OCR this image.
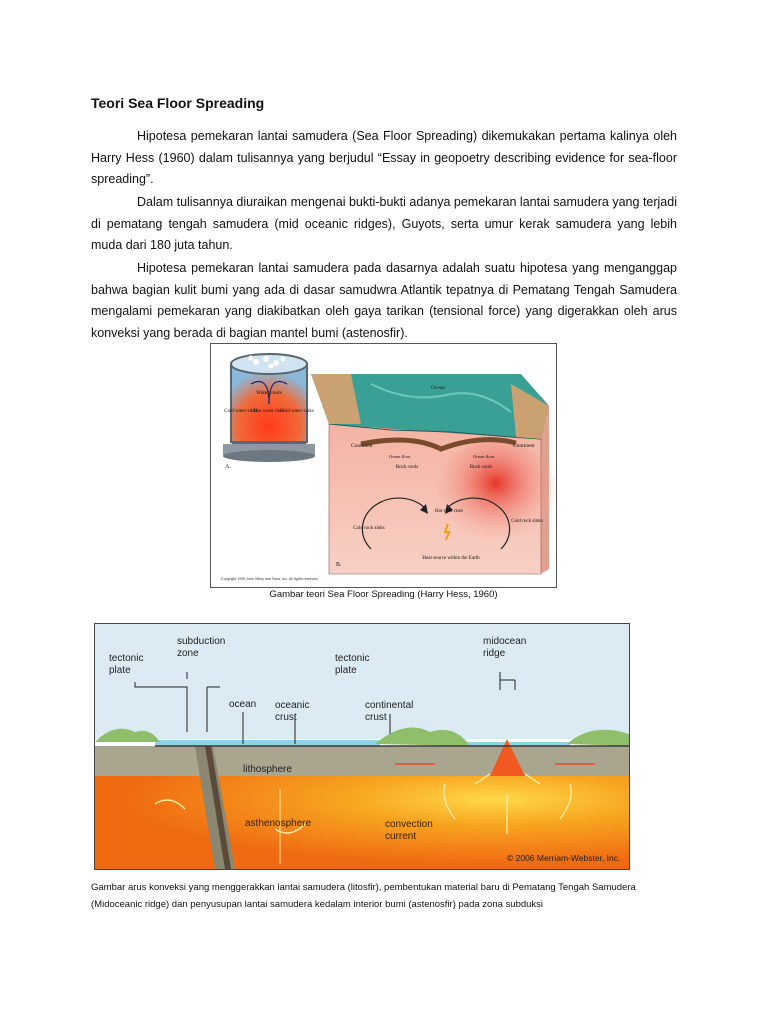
Teori Sea Floor Spreading

Hipotesa pemekaran lantai samudera (Sea Floor Spreading) dikemukakan pertama kalinya oleh Harry Hess (1960) dalam tulisannya yang berjudul “Essay in geopoetry describing evidence for sea-floor spreading”.

Dalam tulisannya diuraikan mengenai bukti-bukti adanya pemekaran lantai samudera yang terjadi di pematang tengah samudera (mid oceanic ridges), Guyots, serta umur kerak samudera yang lebih muda dari 180 juta tahun.

Hipotesa pemekaran lantai samudera pada dasarnya adalah suatu hipotesa yang menganggap bahwa bagian kulit bumi yang ada di dasar samudwra Atlantik tepatnya di Pematang Tengah Samudera mengalami pemekaran yang diakibatkan oleh gaya tarikan (tensional force) yang digerakkan oleh arus konveksi yang berada di bagian mantel bumi (astenosfir).

Water cools
Cold water sinks
Hot water rises
Cold water sinks
A.
Ocean
Continent	Continent
Ocean floor	Ocean floor
Rock cools	Rock cools
Cold rock sinks
Hot rock rises
Cold rock sinks
Heat source within the Earth
B.
Copyright 1999 John Wiley and Sons, Inc. All rights reserved.
Gambar teori Sea Floor Spreading (Harry Hess, 1960)
tectonic plate
subduction zone	tectonic plate
midocean ridge
ocean oceanic crust
continental crust
lithosphere
asthenosphere	convection current
© 2006 Merriam-Webster, Inc.

Gambar arus konveksi yang menggerakkan lantai samudera (litosfir), pembentukan material baru di Pematang Tengah Samudera (Midoceanic ridge) dan penyusupan lantai samudera kedalam interior bumi (astenosfir) pada zona subduksi
